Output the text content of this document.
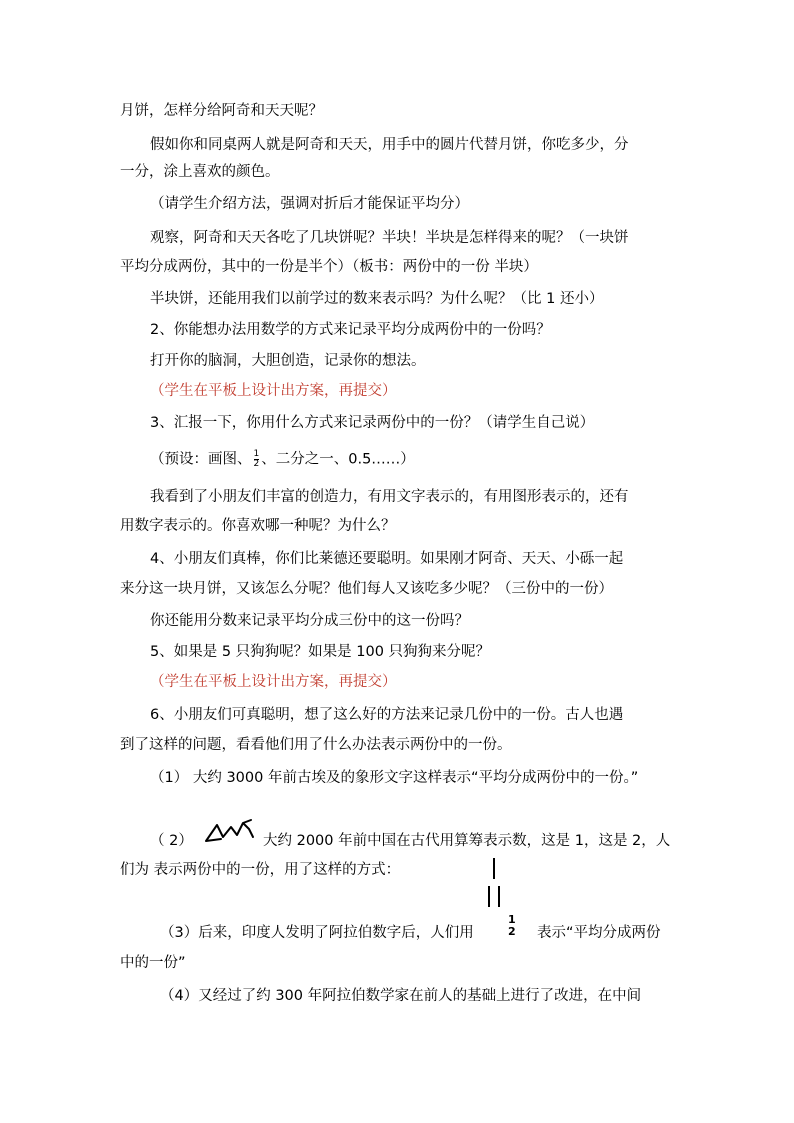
月饼，怎样分给阿奇和天天呢？
假如你和同桌两人就是阿奇和天天，用手中的圆片代替月饼，你吃多少，分
一分，涂上喜欢的颜色。
（请学生介绍方法，强调对折后才能保证平均分）
观察，阿奇和天天各吃了几块饼呢？半块！半块是怎样得来的呢？（一块饼
平均分成两份，其中的一份是半个）（板书：两份中的一份 半块）
半块饼，还能用我们以前学过的数来表示吗？为什么呢？（比 1 还小）
2、你能想办法用数学的方式来记录平均分成两份中的一份吗？
打开你的脑洞，大胆创造，记录你的想法。
（学生在平板上设计出方案，再提交）
3、汇报一下，你用什么方式来记录两份中的一份？（请学生自己说）
（预设：画图、 $\frac{1}{2}$ 、二分之一、0.5……）
我看到了小朋友们丰富的创造力，有用文字表示的，有用图形表示的，还有
用数字表示的。你喜欢哪一种呢？为什么？
4、小朋友们真棒，你们比莱德还要聪明。如果刚才阿奇、天天、小砾一起
来分这一块月饼，又该怎么分呢？他们每人又该吃多少呢？（三份中的一份）
你还能用分数来记录平均分成三份中的这一份吗？
5、如果是 5 只狗狗呢？如果是 100 只狗狗来分呢？
（学生在平板上设计出方案，再提交）
6、小朋友们可真聪明，想了这么好的方法来记录几份中的一份。古人也遇
到了这样的问题，看看他们用了什么办法表示两份中的一份。
（1） 大约 3000 年前古埃及的象形文字这样表示“平均分成两份中的一份。”
（ 2）	大约 2000 年前中国在古代用算筹表示数，这是 1，这是 2，人
们为 表示两份中的一份，用了这样的方式：
（3）后来，印度人发明了阿拉伯数字后，人们用
1
2 表示“平均分成两份
中的一份”
（4）又经过了约 300 年阿拉伯数学家在前人的基础上进行了改进，在中间
